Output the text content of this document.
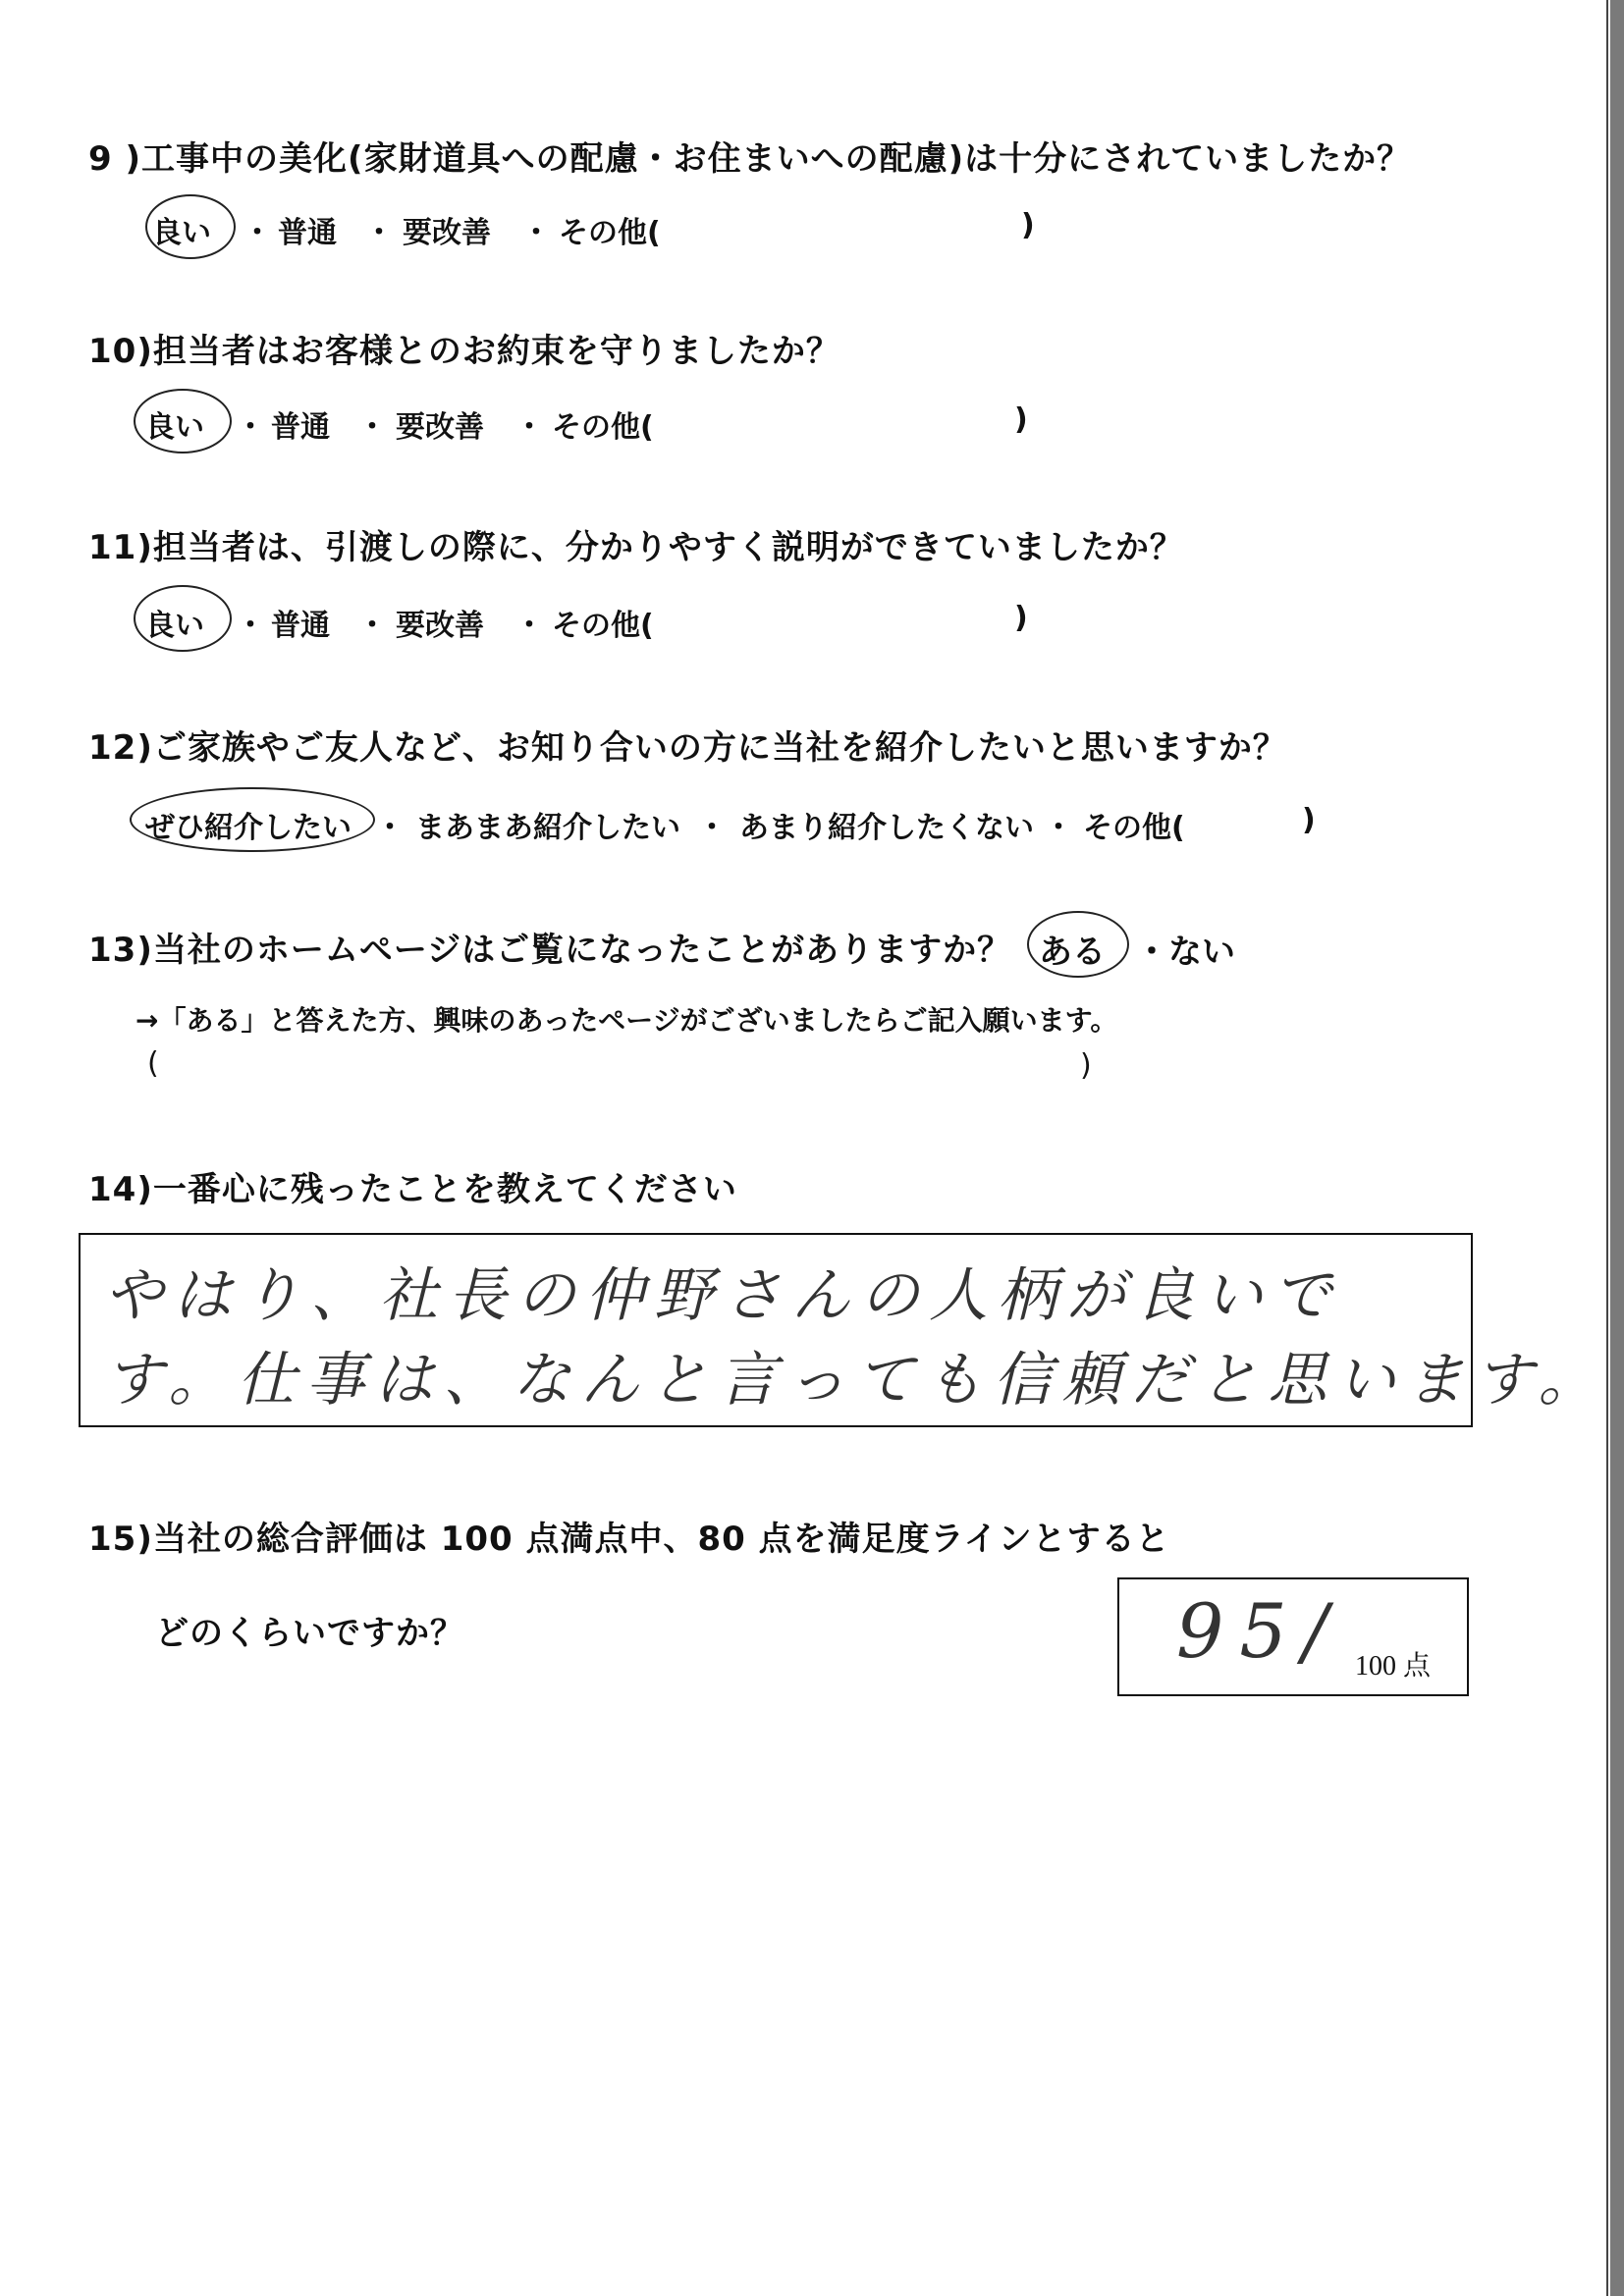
9 )工事中の美化(家財道具への配慮・お住まいへの配慮)は十分にされていましたか？
良い ・ 普通 ・ 要改善 ・ その他(	)
10)担当者はお客様とのお約束を守りましたか？
良い ・ 普通 ・ 要改善 ・ その他(	)
11)担当者は、引渡しの際に、分かりやすく説明ができていましたか？
良い ・ 普通 ・ 要改善 ・ その他(	)
12)ご家族やご友人など、お知り合いの方に当社を紹介したいと思いますか？
ぜひ紹介したい ・ まあまあ紹介したい ・ あまり紹介したくない ・ その他(	)
13)当社のホームページはご覧になったことがありますか？ ある ・ ない
→「ある」と答えた方、興味のあったページがございましたらご記入願います。
(	)
14)一番心に残ったことを教えてください
やはり、社長の仲野さんの人柄が良いで
す。仕事は、なんと言っても信頼だと思います。
15)当社の総合評価は 100 点満点中、80 点を満足度ラインとすると
どのくらいですか？	95/ 100 点
